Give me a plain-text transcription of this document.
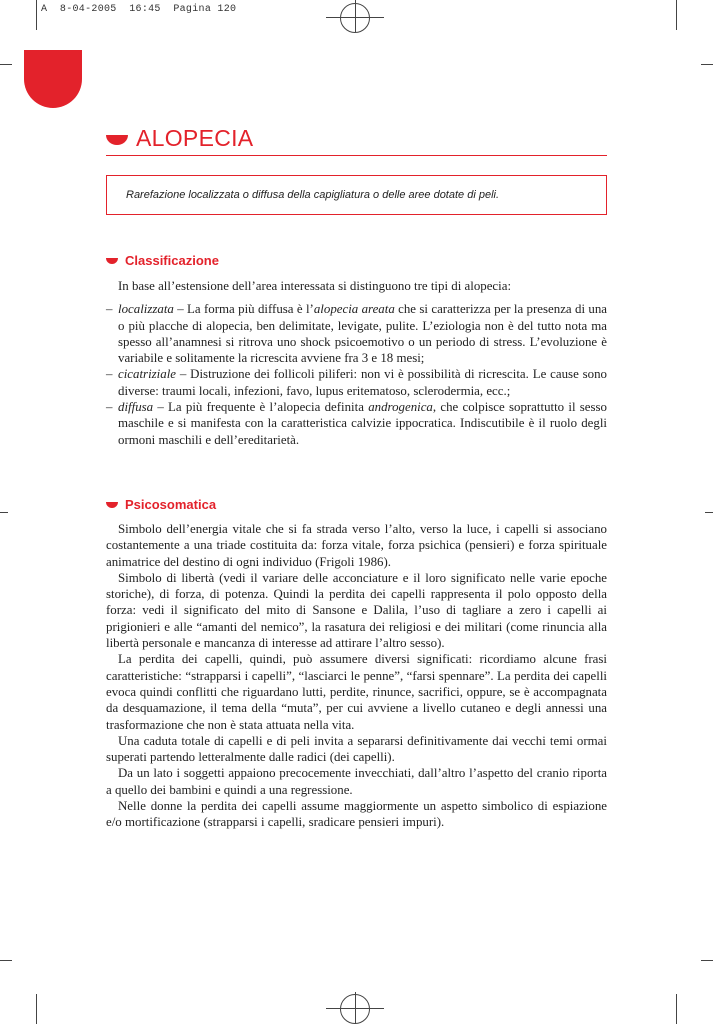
A  8-04-2005  16:45  Pagina 120
ALOPECIA
Rarefazione localizzata o diffusa della capigliatura o delle aree dotate di peli.
Classificazione

In base all’estensione dell’area interessata si distinguono tre tipi di alopecia:

– localizzata – La forma più diffusa è l’alopecia areata che si caratterizza per la presenza di una o più placche di alopecia, ben delimitate, levigate, pulite. L’eziologia non è del tutto nota ma spesso all’anamnesi si ritrova uno shock psicoemotivo o un periodo di stress. L’evoluzione è variabile e solitamente la ricrescita avviene fra 3 e 18 mesi;

– cicatriziale – Distruzione dei follicoli piliferi: non vi è possibilità di ricrescita. Le cause sono diverse: traumi locali, infezioni, favo, lupus eritematoso, sclerodermia, ecc.;

– diffusa – La più frequente è l’alopecia definita androgenica, che colpisce soprattutto il sesso maschile e si manifesta con la caratteristica calvizie ippocratica. Indiscutibile è il ruolo degli ormoni maschili e dell’ereditarietà.

Psicosomatica

Simbolo dell’energia vitale che si fa strada verso l’alto, verso la luce, i capelli si associano costantemente a una triade costituita da: forza vitale, forza psichica (pensieri) e forza spirituale animatrice del destino di ogni individuo (Frigoli 1986).

Simbolo di libertà (vedi il variare delle acconciature e il loro significato nelle varie epoche storiche), di forza, di potenza. Quindi la perdita dei capelli rappresenta il polo opposto della forza: vedi il significato del mito di Sansone e Dalila, l’uso di tagliare a zero i capelli ai prigionieri e alle “amanti del nemico”, la rasatura dei religiosi e dei militari (come rinuncia alla libertà personale e mancanza di interesse ad attirare l’altro sesso).

La perdita dei capelli, quindi, può assumere diversi significati: ricordiamo alcune frasi caratteristiche: “strapparsi i capelli”, “lasciarci le penne”, “farsi spennare”. La perdita dei capelli evoca quindi conflitti che riguardano lutti, perdite, rinunce, sacrifici, oppure, se è accompagnata da desquamazione, il tema della “muta”, per cui avviene a livello cutaneo e degli annessi una trasformazione che non è stata attuata nella vita.

Una caduta totale di capelli e di peli invita a separarsi definitivamente dai vecchi temi ormai superati partendo letteralmente dalle radici (dei capelli).

Da un lato i soggetti appaiono precocemente invecchiati, dall’altro l’aspetto del cranio riporta a quello dei bambini e quindi a una regressione.

Nelle donne la perdita dei capelli assume maggiormente un aspetto simbolico di espiazione e/o mortificazione (strapparsi i capelli, sradicare pensieri impuri).
